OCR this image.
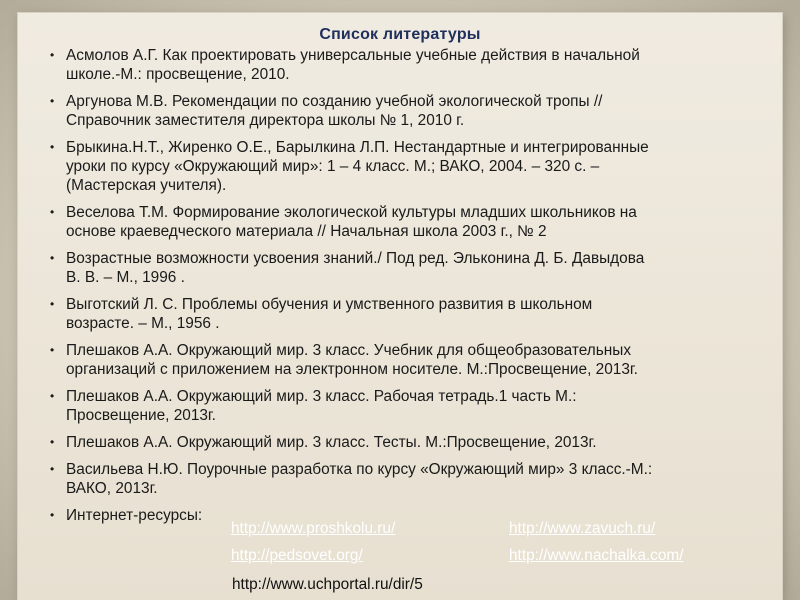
Список литературы
• Асмолов А.Г. Как проектировать универсальные учебные действия в начальной
школе.-М.: просвещение, 2010.
• Аргунова М.В. Рекомендации по созданию учебной экологической тропы //
Справочник заместителя директора школы № 1, 2010 г.
• Брыкина.Н.Т., Жиренко О.Е., Барылкина Л.П. Нестандартные и интегрированные
уроки по курсу «Окружающий мир»: 1 – 4 класс. М.; ВАКО, 2004. – 320 с. –
(Мастерская учителя).
• Веселова Т.М. Формирование экологической культуры младших школьников на
основе краеведческого материала // Начальная школа 2003 г., № 2
• Возрастные возможности усвоения знаний./ Под ред. Эльконина Д. Б. Давыдова
В. В. – М., 1996 .
• Выготский Л. С. Проблемы обучения и умственного развития в школьном
возрасте. – М., 1956 .
• Плешаков А.А. Окружающий мир. 3 класс. Учебник для общеобразовательных
организаций с приложением на электронном носителе. М.:Просвещение, 2013г.
• Плешаков А.А. Окружающий мир. 3 класс. Рабочая тетрадь.1 часть М.:
Просвещение, 2013г.
• Плешаков А.А. Окружающий мир. 3 класс. Тесты. М.:Просвещение, 2013г.
• Васильева Н.Ю. Поурочные разработка по курсу «Окружающий мир» 3 класс.-М.:
ВАКО, 2013г.
• Интернет-ресурсы:
http://www.proshkolu.ru/	http://www.zavuch.ru/
http://pedsovet.org/	http://www.nachalka.com/
http://www.uchportal.ru/dir/5
